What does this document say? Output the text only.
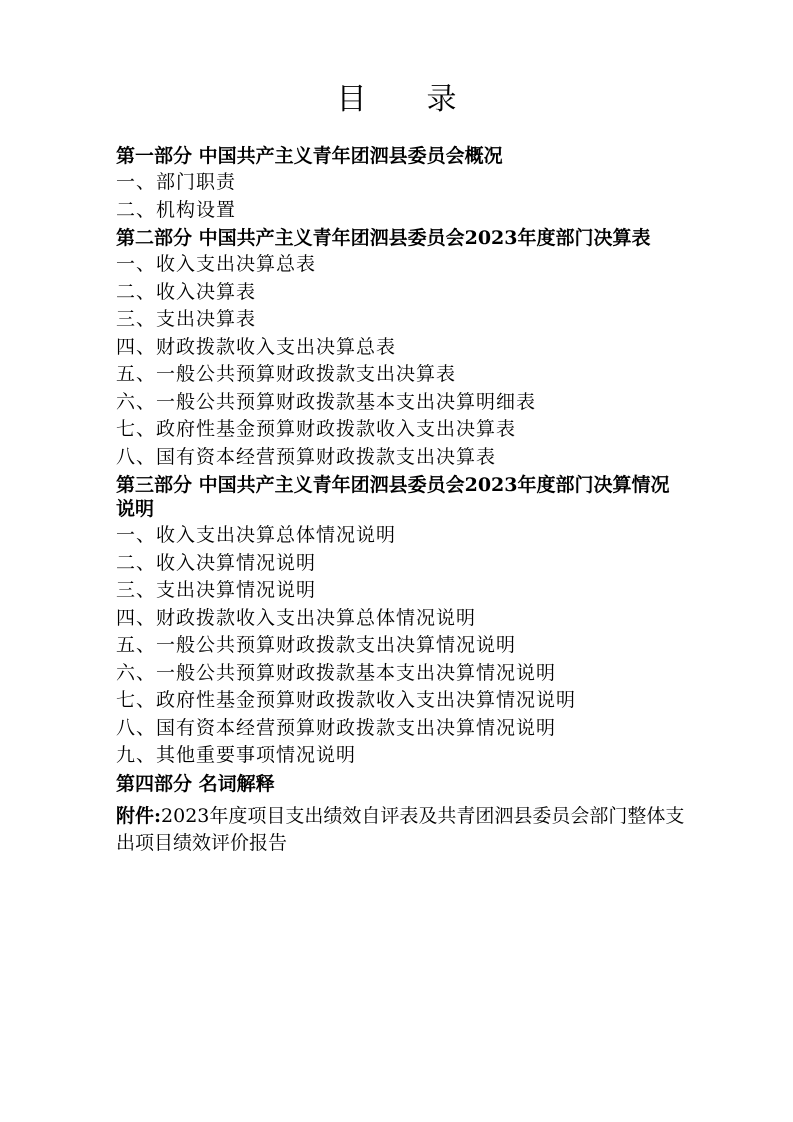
目 录
第一部分 中国共产主义青年团泗县委员会概况
一、部门职责
二、机构设置
第二部分 中国共产主义青年团泗县委员会2023年度部门决算表
一、收入支出决算总表
二、收入决算表
三、支出决算表
四、财政拨款收入支出决算总表
五、一般公共预算财政拨款支出决算表
六、一般公共预算财政拨款基本支出决算明细表
七、政府性基金预算财政拨款收入支出决算表
八、国有资本经营预算财政拨款支出决算表
第三部分 中国共产主义青年团泗县委员会2023年度部门决算情况说明
一、收入支出决算总体情况说明
二、收入决算情况说明
三、支出决算情况说明
四、财政拨款收入支出决算总体情况说明
五、一般公共预算财政拨款支出决算情况说明
六、一般公共预算财政拨款基本支出决算情况说明
七、政府性基金预算财政拨款收入支出决算情况说明
八、国有资本经营预算财政拨款支出决算情况说明
九、其他重要事项情况说明
第四部分 名词解释
附件:2023年度项目支出绩效自评表及共青团泗县委员会部门整体支出项目绩效评价报告
